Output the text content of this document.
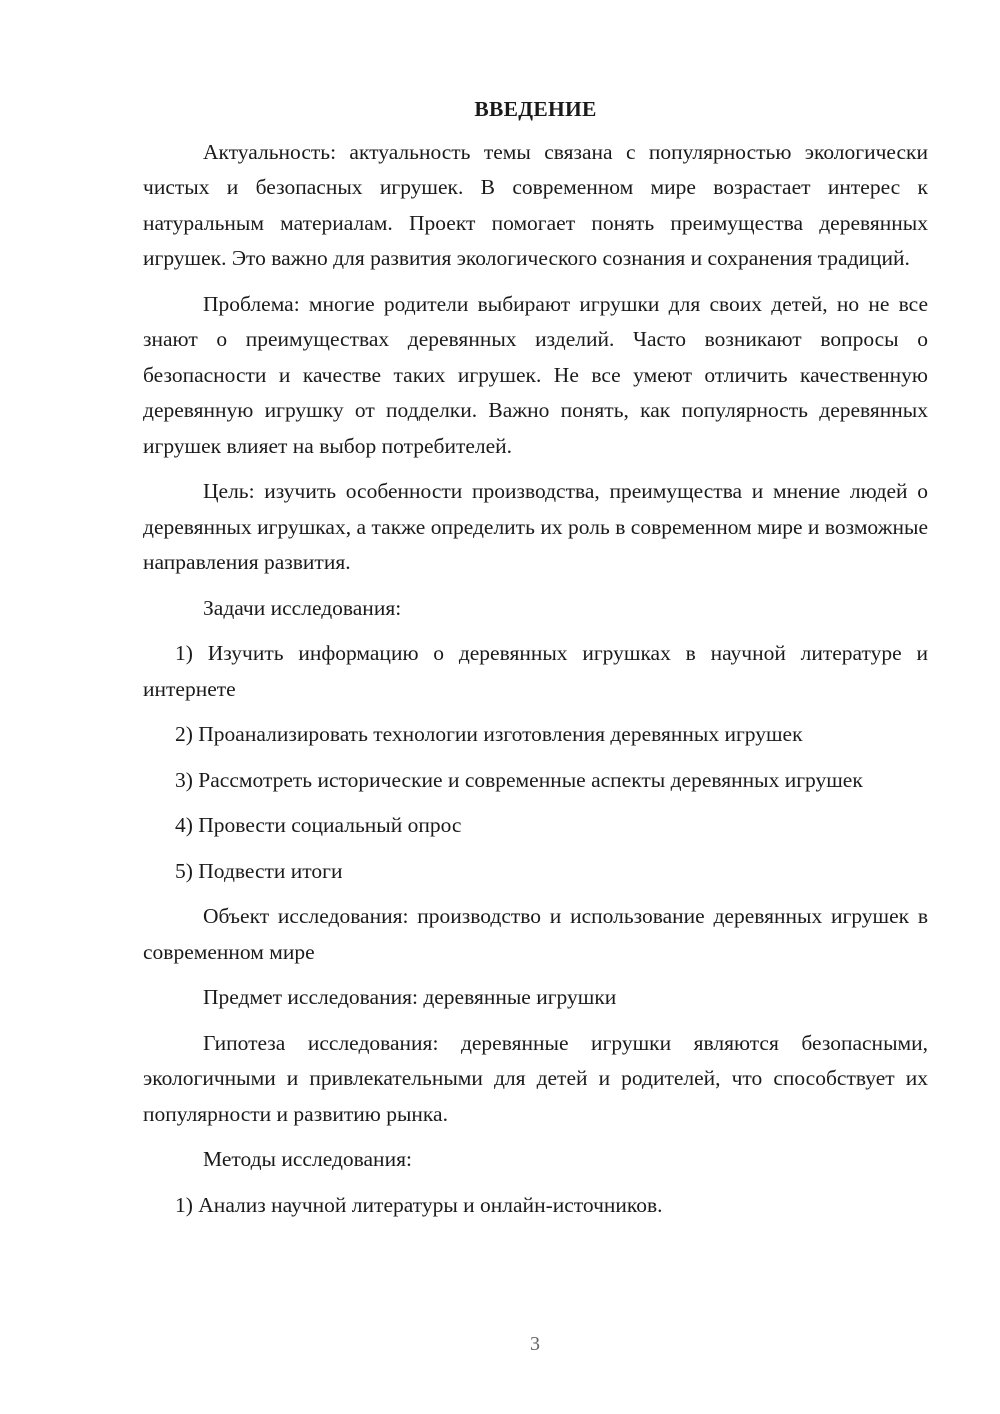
ВВЕДЕНИЕ

Актуальность: актуальность темы связана с популярностью экологически чистых и безопасных игрушек. В современном мире возрастает интерес к натуральным материалам. Проект помогает понять преимущества деревянных игрушек. Это важно для развития экологического сознания и сохранения традиций.

Проблема: многие родители выбирают игрушки для своих детей, но не все знают о преимуществах деревянных изделий. Часто возникают вопросы о безопасности и качестве таких игрушек. Не все умеют отличить качественную деревянную игрушку от подделки. Важно понять, как популярность деревянных игрушек влияет на выбор потребителей.

Цель: изучить особенности производства, преимущества и мнение людей о деревянных игрушках, а также определить их роль в современном мире и возможные направления развития.

Задачи исследования:

1) Изучить информацию о деревянных игрушках в научной литературе и интернете

2) Проанализировать технологии изготовления деревянных игрушек

3) Рассмотреть исторические и современные аспекты деревянных игрушек

4) Провести социальный опрос

5) Подвести итоги

Объект исследования: производство и использование деревянных игрушек в современном мире

Предмет исследования: деревянные игрушки

Гипотеза исследования: деревянные игрушки являются безопасными, экологичными и привлекательными для детей и родителей, что способствует их популярности и развитию рынка.

Методы исследования:

1) Анализ научной литературы и онлайн-источников.

3
